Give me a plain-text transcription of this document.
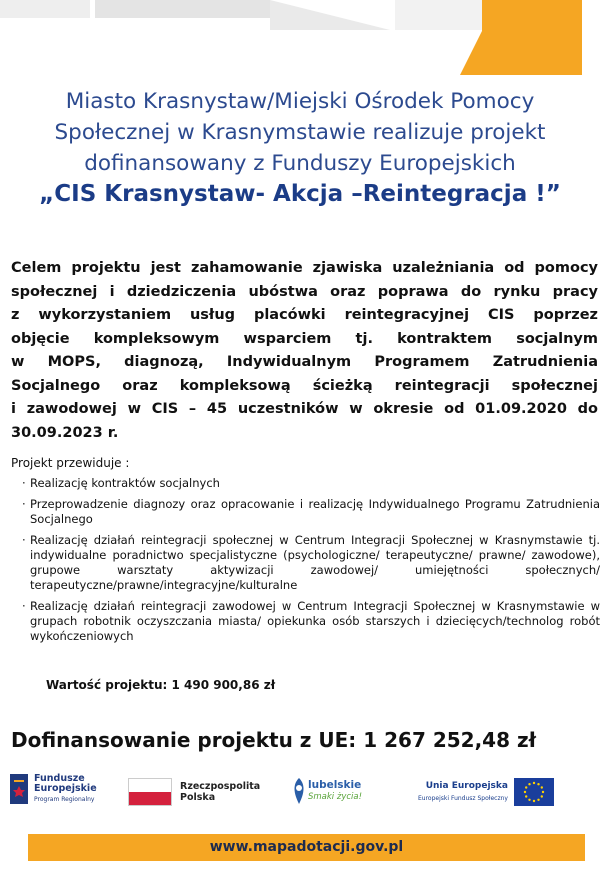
Miasto Krasnystaw/Miejski Ośrodek Pomocy
Społecznej w Krasnymstawie realizuje projekt
dofinansowany z Funduszy Europejskich
„CIS Krasnystaw- Akcja –Reintegracja !”
Celem projektu jest zahamowanie zjawiska uzależniania od pomocy
społecznej i dziedziczenia ubóstwa oraz poprawa do rynku pracy
z wykorzystaniem usług placówki reintegracyjnej CIS poprzez
objęcie kompleksowym wsparciem tj. kontraktem socjalnym
w MOPS, diagnozą, Indywidualnym Programem Zatrudnienia
Socjalnego oraz kompleksową ścieżką reintegracji społecznej
i zawodowej w CIS – 45 uczestników w okresie od 01.09.2020 do
30.09.2023 r.
Projekt przewiduje :
· Realizację kontraktów socjalnych
· Przeprowadzenie diagnozy oraz opracowanie i realizację Indywidualnego Programu Zatrudnienia Socjalnego
· Realizację działań reintegracji społecznej w Centrum Integracji Społecznej w Krasnymstawie tj. indywidualne poradnictwo specjalistyczne (psychologiczne/ terapeutyczne/ prawne/ zawodowe), grupowe warsztaty aktywizacji zawodowej/ umiejętności społecznych/ terapeutyczne/prawne/integracyjne/kulturalne
· Realizację działań reintegracji zawodowej w Centrum Integracji Społecznej w Krasnymstawie w grupach robotnik oczyszczania miasta/ opiekunka osób starszych i dziecięcych/technolog robót wykończeniowych
Wartość projektu: 1 490 900,86 zł
Dofinansowanie projektu z UE: 1 267 252,48 zł
Fundusze
Europejskie
Program Regionalny
Rzeczpospolita
Polska
lubelskie
Smaki życia!
Unia Europejska
Europejski Fundusz Społeczny
www.mapadotacji.gov.pl
